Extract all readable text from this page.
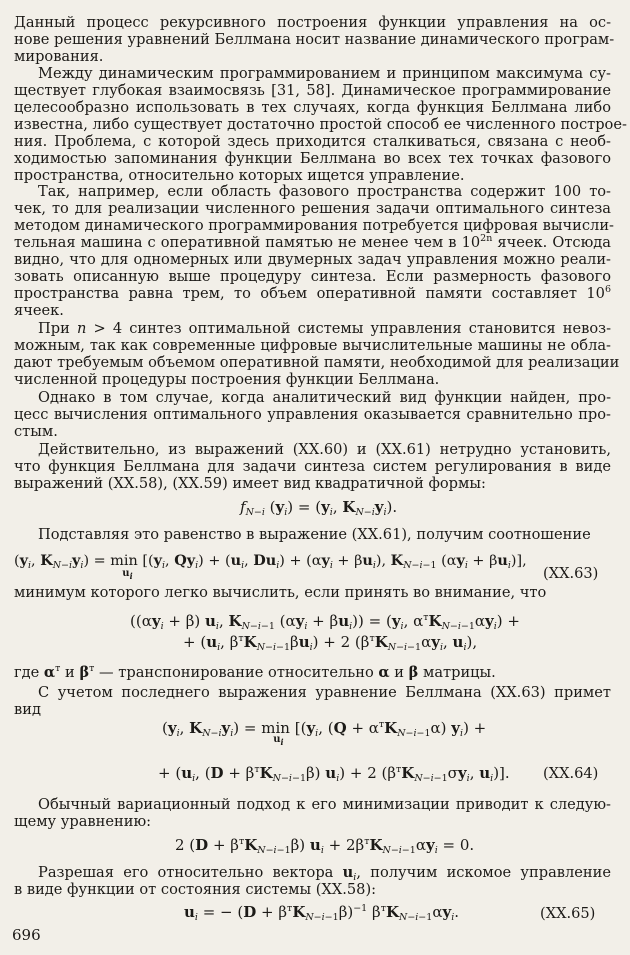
Данный процесс рекурсивного построения функции управления на ос-
нове решения уравнений Беллмана носит название динамического програм-
мирования.
Между динамическим программированием и принципом максимума су-
ществует глубокая взаимосвязь [31, 58]. Динамическое программирование
целесообразно использовать в тех случаях, когда функция Беллмана либо
известна, либо существует достаточно простой способ ее численного построе-
ния. Проблема, с которой здесь приходится сталкиваться, связана с необ-
ходимостью запоминания функции Беллмана во всех тех точках фазового
пространства, относительно которых ищется управление.
Так, например, если область фазового пространства содержит 100 то-
чек, то для реализации численного решения задачи оптимального синтеза
методом динамического программирования потребуется цифровая вычисли-
тельная машина с оперативной памятью не менее чем в $10^{2n}$ ячеек. Отсюда
видно, что для одномерных или двумерных задач управления можно реали-
зовать описанную выше процедуру синтеза. Если размерность фазового
пространства равна трем, то объем оперативной памяти составляет $10^6$
ячеек.
При n > 4 синтез оптимальной системы управления становится невоз-
можным, так как современные цифровые вычислительные машины не обла-
дают требуемым объемом оперативной памяти, необходимой для реализации
численной процедуры построения функции Беллмана.
Однако в том случае, когда аналитический вид функции найден, про-
цесс вычисления оптимального управления оказывается сравнительно про-
стым.
Действительно, из выражений (XX.60) и (XX.61) нетрудно установить,
что функция Беллмана для задачи синтеза систем регулирования в виде
выражений (XX.58), (XX.59) имеет вид квадратичной формы:
$f_{N-i}$ $(y_i) = (y_i$, $K_{N-i}y_i$).
Подставляя это равенство в выражение (XX.61), получим соотношение
($y_i$, $K_{N-i}y_i) = \min$
$u_i$
[($y_i$, $Qy_i) + (u_i$, $Du_i) + (\alpha y_i + \beta u_i)$, $K_{N-i-1}$ $(\alpha y_i + \beta u_i)$],
(XX.63)
минимум которого легко вычислить, если принять во внимание, что
($(\alpha y_i + \beta)$ $u_i$, $K_{N-i-1}$ $(\alpha y_i + \beta u_i)) = (y_i$, $\alpha^тK_{N-i-1}\alpha y_i$) +
+ ($u_i$, $\beta^тK_{N-i-1}\beta u_i) + 2$ ($\beta^тK_{N-i-1}\alpha y_i$, $u_i$),
где $\alpha^т$ и $\beta^т$ — транспонирование относительно α и β матрицы.
С учетом последнего выражения уравнение Беллмана (XX.63) примет
вид
($y_i$, $K_{N-i}y_i) = \min$
$u_i$
[($y_i$, $(Q + \alpha^тK_{N-i-1}\alpha)$ $y_i$) +
+ ($u_i$, $(D + \beta^тK_{N-i-1}\beta)$ $u_i) + 2$ ($\beta^тK_{N-i-1}\sigma y_i$, $u_i$)]. (XX.64)
Обычный вариационный подход к его минимизации приводит к следую-
щему уравнению:
2 $(D + \beta^тK_{N-i-1}\beta)$ $u_i + 2\beta^тK_{N-i-1}\alpha y_i = 0$.
Разрешая его относительно вектора $u_i$, получим искомое управление
в виде функции от состояния системы (XX.58):
$u_i$ = − $(D + \beta^тK_{N-i-1}\beta)^{-1}$ $\beta^тK_{N-i-1}\alpha y_i$.	(XX.65)
696
